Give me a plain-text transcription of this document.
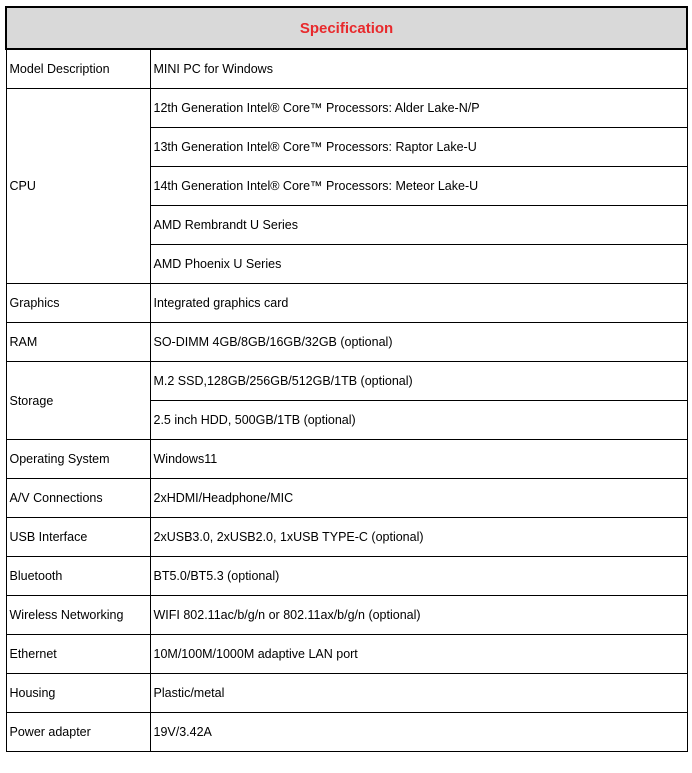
Specification	
Model Description	MINI PC for Windows
CPU	12th Generation Intel® Core™ Processors: Alder Lake-N/P
	13th Generation Intel® Core™ Processors: Raptor Lake-U
	14th Generation Intel® Core™ Processors: Meteor Lake-U
	AMD Rembrandt U Series
	AMD Phoenix U Series
Graphics	Integrated graphics card
RAM	SO-DIMM 4GB/8GB/16GB/32GB (optional)
Storage	M.2 SSD,128GB/256GB/512GB/1TB (optional)
	2.5 inch HDD, 500GB/1TB (optional)
Operating System	Windows11
A/V Connections	2xHDMI/Headphone/MIC
USB Interface	2xUSB3.0, 2xUSB2.0, 1xUSB TYPE-C (optional)
Bluetooth	BT5.0/BT5.3 (optional)
Wireless Networking	WIFI 802.11ac/b/g/n or 802.11ax/b/g/n (optional)
Ethernet	10M/100M/1000M adaptive LAN port
Housing	Plastic/metal
Power adapter	19V/3.42A
